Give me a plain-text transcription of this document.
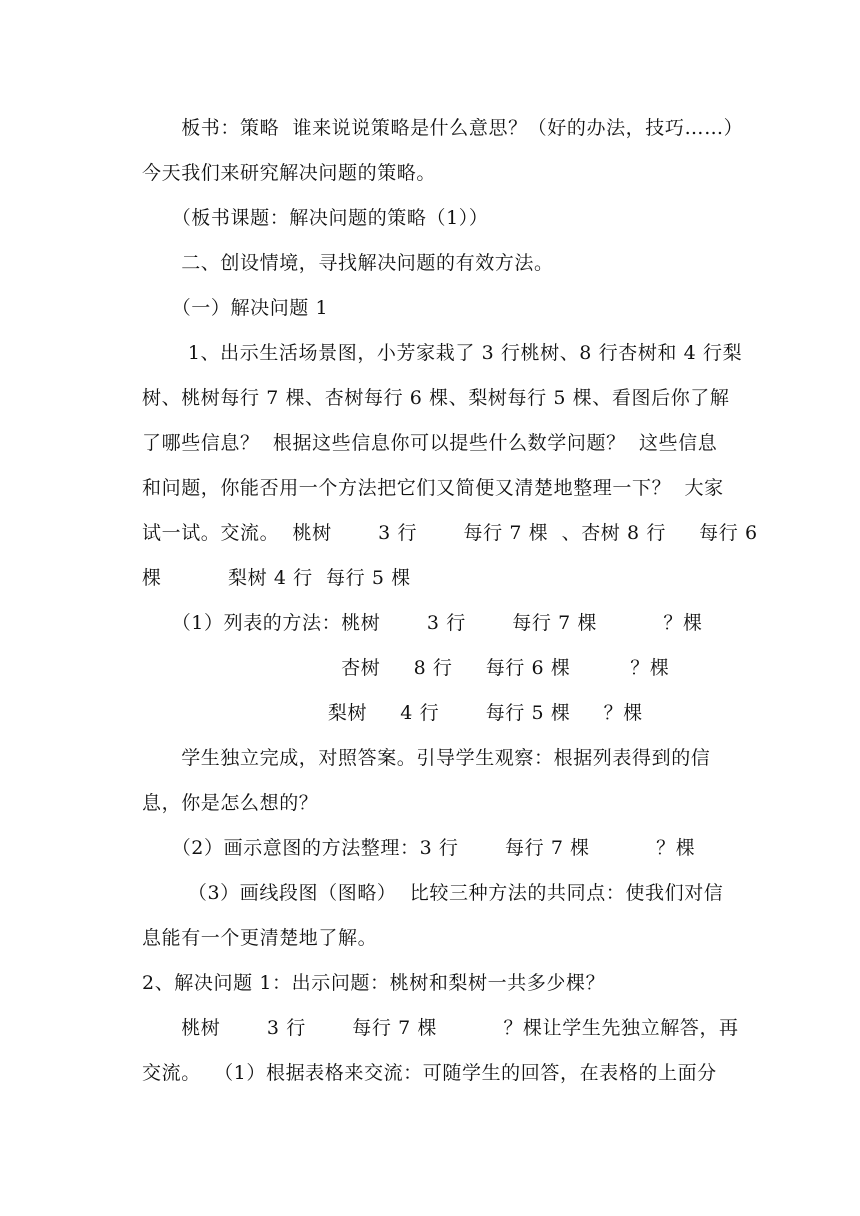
　　板书：策略  谁来说说策略是什么意思？（好的办法，技巧……）
今天我们来研究解决问题的策略。
　　（板书课题：解决问题的策略（1））
　　二、创设情境，寻找解决问题的有效方法。
　　（一）解决问题 1
　　 1、出示生活场景图，小芳家栽了 3 行桃树、8 行杏树和 4 行梨
树、桃树每行 7 棵、杏树每行 6 棵、梨树每行 5 棵、看图后你了解
了哪些信息？  根据这些信息你可以提些什么数学问题？  这些信息
和问题，你能否用一个方法把它们又简便又清楚地整理一下？  大家
试一试。交流。  桃树       3 行       每行 7 棵  、杏树 8 行     每行 6
棵          梨树 4 行  每行 5 棵
　　（1）列表的方法：桃树       3 行       每行 7 棵          ？棵
杏树     8 行     每行 6 棵         ？棵
梨树     4 行       每行 5 棵     ？棵
　　学生独立完成，对照答案。引导学生观察：根据列表得到的信
息，你是怎么想的？
　　（2）画示意图的方法整理：3 行       每行 7 棵          ？棵
　　 （3）画线段图（图略）  比较三种方法的共同点：使我们对信
息能有一个更清楚地了解。
2、解决问题 1：出示问题：桃树和梨树一共多少棵？
　　桃树       3 行       每行 7 棵          ？棵让学生先独立解答，再
交流。  （1）根据表格来交流：可随学生的回答，在表格的上面分
